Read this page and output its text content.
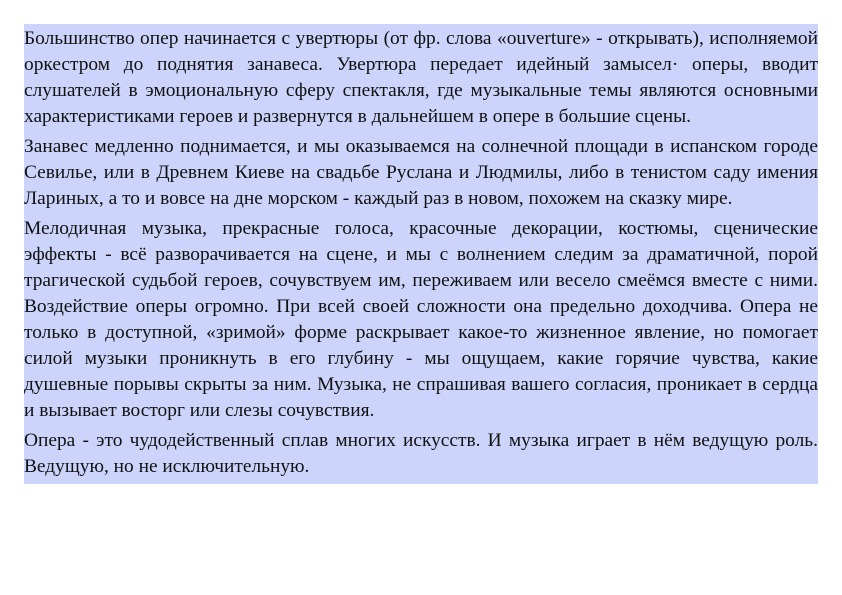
Большинство опер начинается с увертюры (от фр. слова «ouverture» - открывать), исполняемой оркестром до поднятия занавеса. Увертюра передает идейный замысел· оперы, вводит слушателей в эмоциональную сферу спектакля, где музыкальные темы являются основными характеристиками героев и развернутся в дальнейшем в опере в большие сцены.

Занавес медленно поднимается, и мы оказываемся на солнечной площади в испанском городе Севилье, или в Древнем Киеве на свадьбе Руслана и Людмилы, либо в тенистом саду имения Лариных, а то и вовсе на дне морском - каждый раз в новом, похожем на сказку мире.

Мелодичная музыка, прекрасные голоса, красочные декорации, костюмы, сценические эффекты - всё разворачивается на сцене, и мы с волнением следим за драматичной, порой трагической судьбой героев, сочувствуем им, переживаем или весело смеёмся вместе с ними. Воздействие оперы огромно. При всей своей сложности она предельно доходчива. Опера не только в доступной, «зримой» форме раскрывает какое-то жизненное явление, но помогает силой музыки проникнуть в его глубину - мы ощущаем, какие горячие чувства, какие душевные порывы скрыты за ним. Музыка, не спрашивая вашего согласия, проникает в сердца и вызывает восторг или слезы сочувствия.

Опера - это чудодейственный сплав многих искусств. И музыка играет в нём ведущую роль. Ведущую, но не исключительную.
